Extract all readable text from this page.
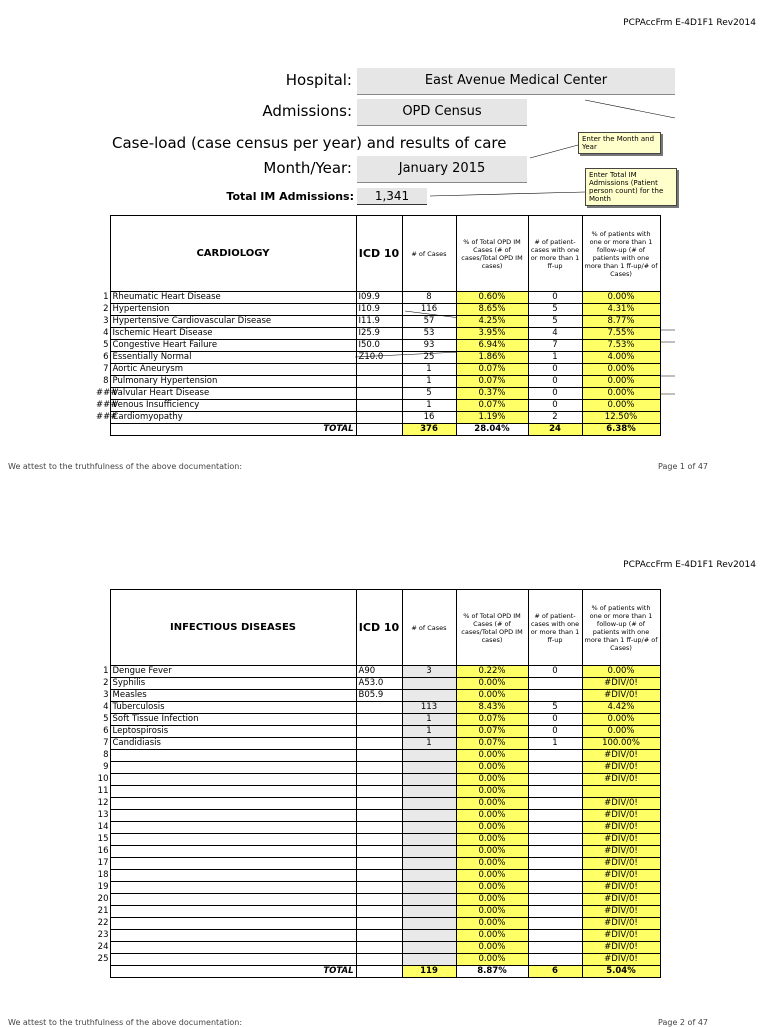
PCPAccFrm E-4D1F1 Rev2014
Hospital:	East Avenue Medical Center
Admissions:	OPD Census
Case-load (case census per year) and results of care	Enter the Month and Year
Month/Year:	January 2015	Enter Total IM Admissions (Patient person count) for the Month
Total IM Admissions:	1,341
	CARDIOLOGY	ICD 10	# of Cases	% of Total OPD IM Cases (# of cases/Total OPD IM cases)	# of patient-cases with one or more than 1 ff-up	% of patients with one or more than 1 follow-up (# of patients with one more than 1 ff-up/# of Cases)
1	Rheumatic Heart Disease	I09.9	8	0.60%	0	0.00%
2	Hypertension	I10.9	116	8.65%	5	4.31%
3	Hypertensive Cardiovascular Disease	I11.9	57	4.25%	5	8.77%
4	Ischemic Heart Disease	I25.9	53	3.95%	4	7.55%
5	Congestive Heart Failure	I50.0	93	6.94%	7	7.53%
6	Essentially Normal	Z10.0	25	1.86%	1	4.00%
7	Aortic Aneurysm		1	0.07%	0	0.00%
8	Pulmonary Hypertension		1	0.07%	0	0.00%
###	Valvular Heart Disease		5	0.37%	0	0.00%
###	Venous Insufficiency		1	0.07%	0	0.00%
###	Cardiomyopathy		16	1.19%	2	12.50%
	TOTAL		376	28.04%	24	6.38%
We attest to the truthfulness of the above documentation:	Page 1 of 47
PCPAccFrm E-4D1F1 Rev2014
	INFECTIOUS DISEASES	ICD 10	# of Cases	% of Total OPD IM Cases (# of cases/Total OPD IM cases)	# of patient-cases with one or more than 1 ff-up	% of patients with one or more than 1 follow-up (# of patients with one more than 1 ff-up/# of Cases)
1	Dengue Fever	A90	3	0.22%	0	0.00%
2	Syphilis	A53.0		0.00%		#DIV/0!
3	Measles	B05.9		0.00%		#DIV/0!
4	Tuberculosis		113	8.43%	5	4.42%
5	Soft Tissue Infection		1	0.07%	0	0.00%
6	Leptospirosis		1	0.07%	0	0.00%
7	Candidiasis		1	0.07%	1	100.00%
8				0.00%		#DIV/0!
9				0.00%		#DIV/0!
10				0.00%		#DIV/0!
11				0.00%		
12				0.00%		#DIV/0!
13				0.00%		#DIV/0!
14				0.00%		#DIV/0!
15				0.00%		#DIV/0!
16				0.00%		#DIV/0!
17				0.00%		#DIV/0!
18				0.00%		#DIV/0!
19				0.00%		#DIV/0!
20				0.00%		#DIV/0!
21				0.00%		#DIV/0!
22				0.00%		#DIV/0!
23				0.00%		#DIV/0!
24				0.00%		#DIV/0!
25				0.00%		#DIV/0!
	TOTAL		119	8.87%	6	5.04%
We attest to the truthfulness of the above documentation:	Page 2 of 47
